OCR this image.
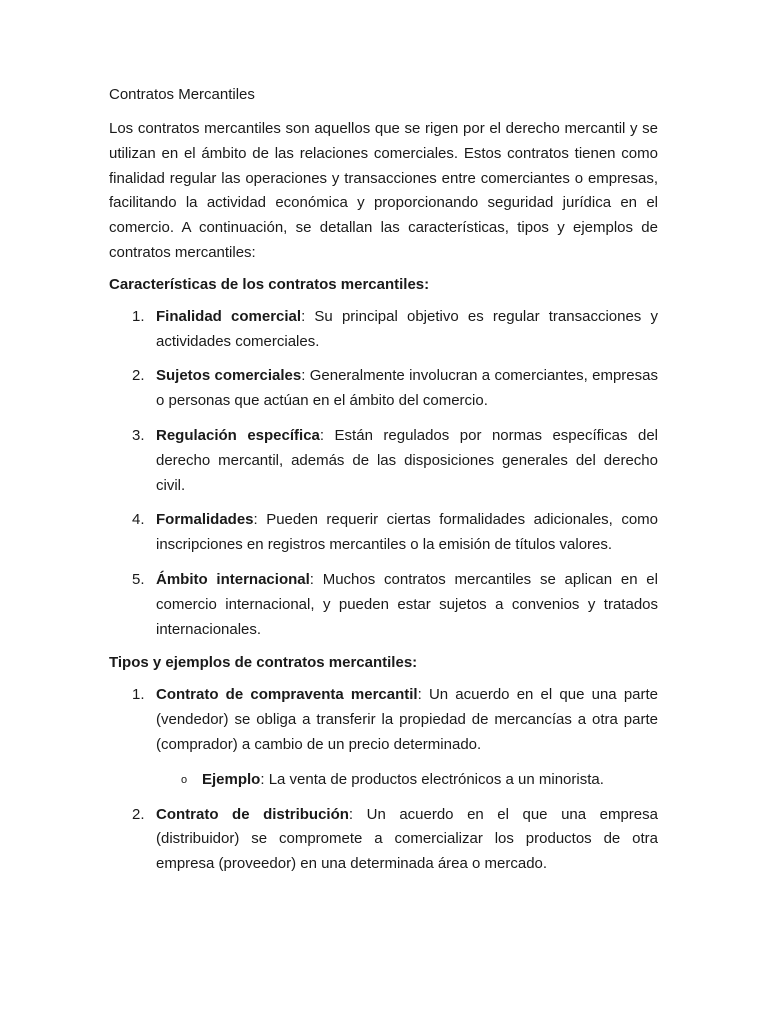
Contratos Mercantiles

Los contratos mercantiles son aquellos que se rigen por el derecho mercantil y se utilizan en el ámbito de las relaciones comerciales. Estos contratos tienen como finalidad regular las operaciones y transacciones entre comerciantes o empresas, facilitando la actividad económica y proporcionando seguridad jurídica en el comercio. A continuación, se detallan las características, tipos y ejemplos de contratos mercantiles:

Características de los contratos mercantiles:

1. Finalidad comercial: Su principal objetivo es regular transacciones y actividades comerciales.
2. Sujetos comerciales: Generalmente involucran a comerciantes, empresas o personas que actúan en el ámbito del comercio.
3. Regulación específica: Están regulados por normas específicas del derecho mercantil, además de las disposiciones generales del derecho civil.
4. Formalidades: Pueden requerir ciertas formalidades adicionales, como inscripciones en registros mercantiles o la emisión de títulos valores.
5. Ámbito internacional: Muchos contratos mercantiles se aplican en el comercio internacional, y pueden estar sujetos a convenios y tratados internacionales.

Tipos y ejemplos de contratos mercantiles:

1. Contrato de compraventa mercantil: Un acuerdo en el que una parte (vendedor) se obliga a transferir la propiedad de mercancías a otra parte (comprador) a cambio de un precio determinado.
o Ejemplo: La venta de productos electrónicos a un minorista.
2. Contrato de distribución: Un acuerdo en el que una empresa (distribuidor) se compromete a comercializar los productos de otra empresa (proveedor) en una determinada área o mercado.
